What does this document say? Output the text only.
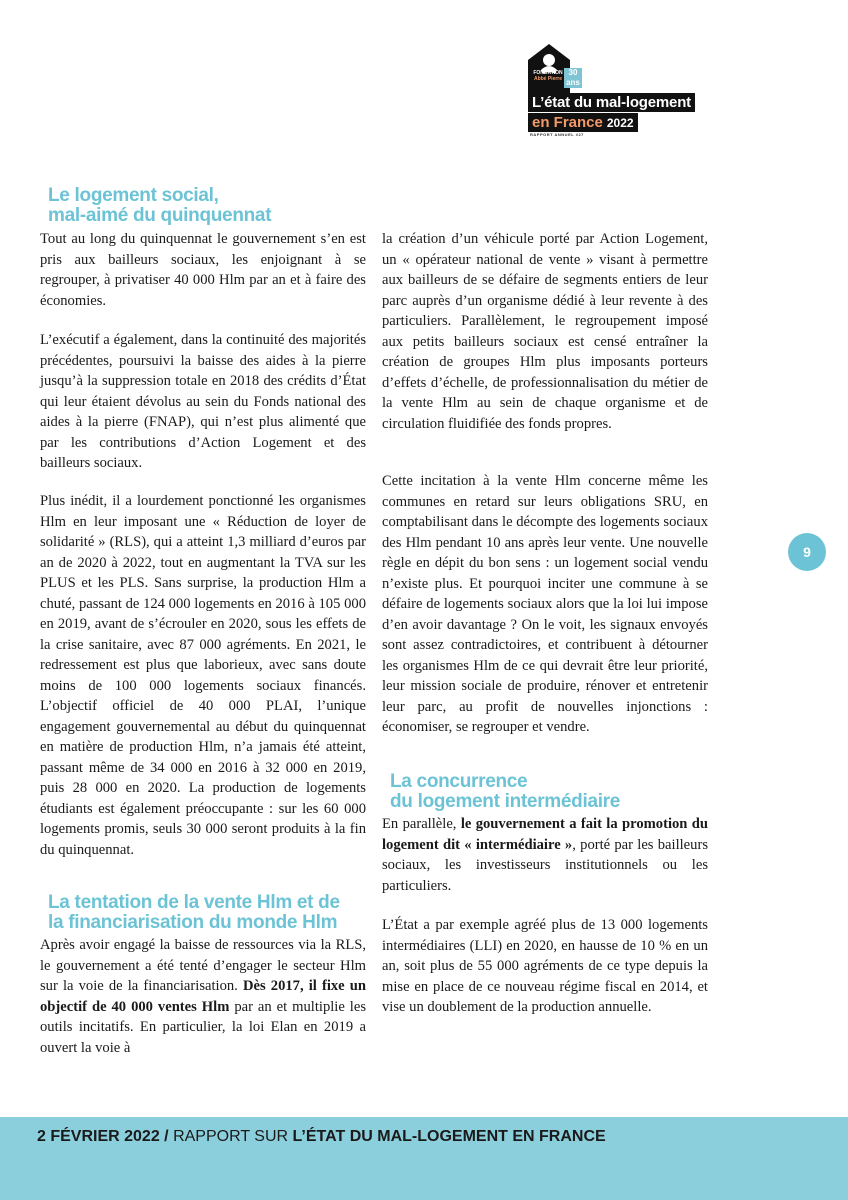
FONDATION
Abbé Pierre
30 ans
L’état du mal-logement
en France 2022
RAPPORT ANNUEL #27
Le logement social,
mal-aimé du quinquennat

Tout au long du quinquennat le gouvernement s’en est pris aux bailleurs sociaux, les enjoignant à se regrouper, à privatiser 40 000 Hlm par an et à faire des économies.

L’exécutif a également, dans la continuité des majorités précédentes, poursuivi la baisse des aides à la pierre jusqu’à la suppression totale en 2018 des crédits d’État qui leur étaient dévolus au sein du Fonds national des aides à la pierre (FNAP), qui n’est plus alimenté que par les contributions d’Action Logement et des bailleurs sociaux.

Plus inédit, il a lourdement ponctionné les organismes Hlm en leur imposant une « Réduction de loyer de solidarité » (RLS), qui a atteint 1,3 milliard d’euros par an de 2020 à 2022, tout en augmentant la TVA sur les PLUS et les PLS. Sans surprise, la production Hlm a chuté, passant de 124 000 logements en 2016 à 105 000 en 2019, avant de s’écrouler en 2020, sous les effets de la crise sanitaire, avec 87 000 agréments. En 2021, le redressement est plus que laborieux, avec sans doute moins de 100 000 logements sociaux financés. L’objectif officiel de 40 000 PLAI, l’unique engagement gouvernemental au début du quinquennat en matière de production Hlm, n’a jamais été atteint, passant même de 34 000 en 2016 à 32 000 en 2019, puis 28 000 en 2020. La production de logements étudiants est également préoccupante : sur les 60 000 logements promis, seuls 30 000 seront produits à la fin du quinquennat.

La tentation de la vente Hlm et de
la financiarisation du monde Hlm

Après avoir engagé la baisse de ressources via la RLS, le gouvernement a été tenté d’engager le secteur Hlm sur la voie de la financiarisation. Dès 2017, il fixe un objectif de 40 000 ventes Hlm par an et multiplie les outils incitatifs. En particulier, la loi Elan en 2019 a ouvert la voie à

la création d’un véhicule porté par Action Logement, un « opérateur national de vente » visant à permettre aux bailleurs de se défaire de segments entiers de leur parc auprès d’un organisme dédié à leur revente à des particuliers. Parallèlement, le regroupement imposé aux petits bailleurs sociaux est censé entraîner la création de groupes Hlm plus imposants porteurs d’effets d’échelle, de professionnalisation du métier de la vente Hlm au sein de chaque organisme et de circulation fluidifiée des fonds propres.

Cette incitation à la vente Hlm concerne même les communes en retard sur leurs obligations SRU, en comptabilisant dans le décompte des logements sociaux des Hlm pendant 10 ans après leur vente. Une nouvelle règle en dépit du bon sens : un logement social vendu n’existe plus. Et pourquoi inciter une commune à se défaire de logements sociaux alors que la loi lui impose d’en avoir davantage ? On le voit, les signaux envoyés sont assez contradictoires, et contribuent à détourner les organismes Hlm de ce qui devrait être leur priorité, leur mission sociale de produire, rénover et entretenir leur parc, au profit de nouvelles injonctions : économiser, se regrouper et vendre.

La concurrence
du logement intermédiaire

En parallèle, le gouvernement a fait la promotion du logement dit « intermédiaire », porté par les bailleurs sociaux, les investisseurs institutionnels ou les particuliers.

L’État a par exemple agréé plus de 13 000 logements intermédiaires (LLI) en 2020, en hausse de 10 % en un an, soit plus de 55 000 agréments de ce type depuis la mise en place de ce nouveau régime fiscal en 2014, et vise un doublement de la production annuelle.

9
2 FÉVRIER 2022 / RAPPORT SUR L’ÉTAT DU MAL-LOGEMENT EN FRANCE
